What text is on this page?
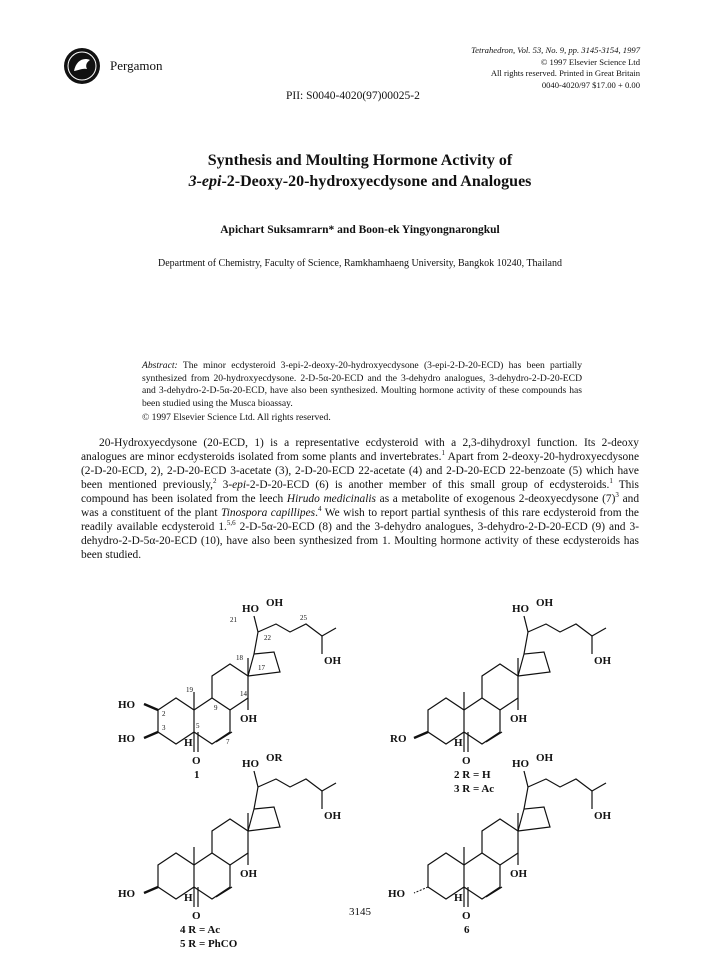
Pergamon
Tetrahedron, Vol. 53, No. 9, pp. 3145-3154, 1997
© 1997 Elsevier Science Ltd
All rights reserved. Printed in Great Britain
0040-4020/97 $17.00 + 0.00
PII: S0040-4020(97)00025-2
Synthesis and Moulting Hormone Activity of
3-epi-2-Deoxy-20-hydroxyecdysone and Analogues
Apichart Suksamrarn* and Boon-ek Yingyongnarongkul
Department of Chemistry, Faculty of Science, Ramkhamhaeng University, Bangkok 10240, Thailand
Abstract: The minor ecdysteroid 3-epi-2-deoxy-20-hydroxyecdysone (3-epi-2-D-20-ECD) has been partially synthesized from 20-hydroxyecdysone. 2-D-5α-20-ECD and the 3-dehydro analogues, 3-dehydro-2-D-20-ECD and 3-dehydro-2-D-5α-20-ECD, have also been synthesized. Moulting hormone activity of these compounds has been studied using the Musca bioassay.
© 1997 Elsevier Science Ltd. All rights reserved.
20-Hydroxyecdysone (20-ECD, 1) is a representative ecdysteroid with a 2,3-dihydroxyl function. Its 2-deoxy analogues are minor ecdysteroids isolated from some plants and invertebrates.$^1$ Apart from 2-deoxy-20-hydroxyecdysone (2-D-20-ECD, 2), 2-D-20-ECD 3-acetate (3), 2-D-20-ECD 22-acetate (4) and 2-D-20-ECD 22-benzoate (5) which have been mentioned previously,$^2$ 3-epi-2-D-20-ECD (6) is another member of this small group of ecdysteroids.$^1$ This compound has been isolated from the leech Hirudo medicinalis as a metabolite of exogenous 2-deoxyecdysone $(7)^3$ and was a constituent of the plant Tinospora capillipes.$^4$ We wish to report partial synthesis of this rare ecdysteroid from the readily available ecdysteroid 1.$^{5,6}$ 2-D-5α-20-ECD (8) and the 3-dehydro analogues, 3-dehydro-2-D-20-ECD (9) and 3-dehydro-2-D-5α-20-ECD (10), have also been synthesized from 1. Moulting hormone activity of these ecdysteroids has been studied.
HO
HO
HO OH
OH
OH
H
O
21
22
25
18
17
19	14
9
2
3	5
7
1
RO
HO OH
OH
OH
H
O
2 R = H
3 R = Ac
HO
HO OR
OH
OH
H
O
4 R = Ac
5 R = PhCO
HO
HO OH
OH
OH
H
O
6
3145
